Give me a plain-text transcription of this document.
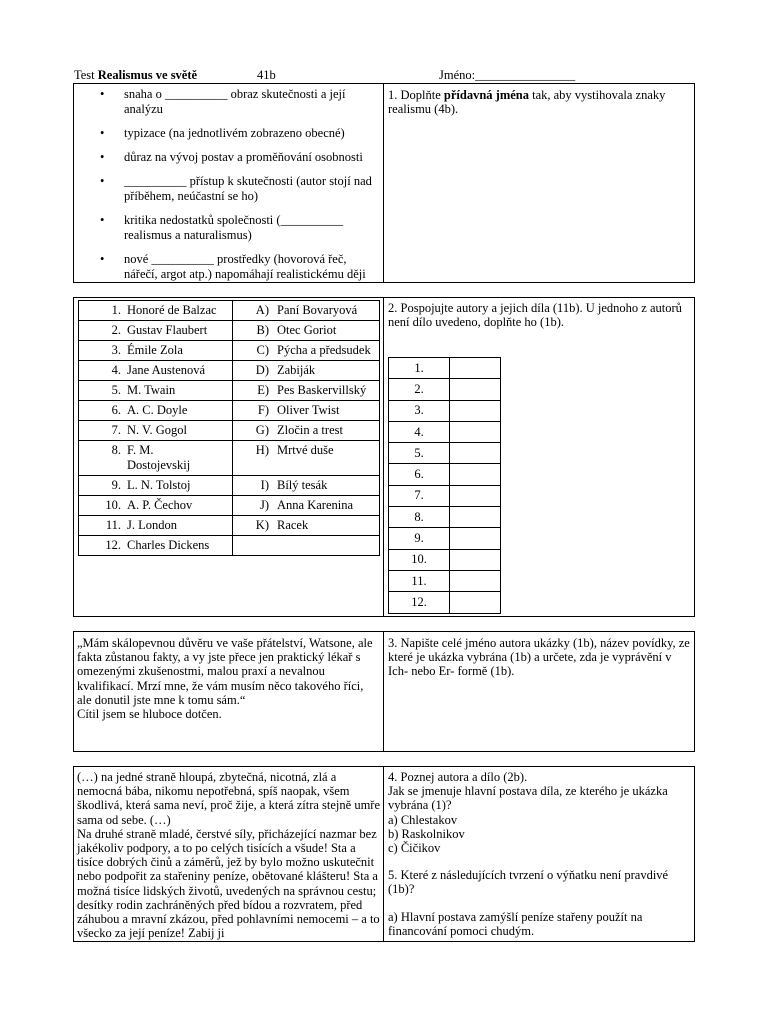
Test Realismus ve světě	41b	Jméno:________________
• snaha o __________ obraz skutečnosti a její analýzu
• typizace (na jednotlivém zobrazeno obecné)
• důraz na vývoj postav a proměňování osobnosti
• __________ přístup k skutečnosti (autor stojí nad příběhem, neúčastní se ho)
• kritika nedostatků společnosti (__________ realismus a naturalismus)
• nové __________ prostředky (hovorová řeč, nářečí, argot atp.) napomáhají realistickému ději
1. Doplňte přídavná jména tak, aby vystihovala znaky realismu (4b).
1. Honoré de Balzac	A) Paní Bovaryová
2. Gustav Flaubert	B) Otec Goriot
3. Émile Zola	C) Pýcha a předsudek
4. Jane Austenová	D) Zabiják
5. M. Twain	E) Pes Baskervillský
6. A. C. Doyle	F) Oliver Twist
7. N. V. Gogol	G) Zločin a trest
8. F. M. Dostojevskij	H) Mrtvé duše
9. L. N. Tolstoj	I) Bílý tesák
10. A. P. Čechov	J) Anna Karenina
11. J. London	K) Racek
12. Charles Dickens	
2. Pospojujte autory a jejich díla (11b). U jednoho z autorů není dílo uvedeno, doplňte ho (1b).
1.	
2.	
3.	
4.	
5.	
6.	
7.	
8.	
9.	
10.	
11.	
12.	
„Mám skálopevnou důvěru ve vaše přátelství, Watsone, ale fakta zůstanou fakty, a vy jste přece jen praktický lékař s omezenými zkušenostmi, malou praxí a nevalnou kvalifikací. Mrzí mne, že vám musím něco takového říci, ale donutil jste mne k tomu sám.“
Cítil jsem se hluboce dotčen.
3. Napište celé jméno autora ukázky (1b), název povídky, ze které je ukázka vybrána (1b) a určete, zda je vyprávění v Ich- nebo Er- formě (1b).
(…) na jedné straně hloupá, zbytečná, nicotná, zlá a nemocná bába, nikomu nepotřebná, spíš naopak, všem škodlivá, která sama neví, proč žije, a která zítra stejně umře sama od sebe. (…)
Na druhé straně mladé, čerstvé síly, přicházející nazmar bez jakékoliv podpory, a to po celých tisících a všude! Sta a tisíce dobrých činů a záměrů, jež by bylo možno uskutečnit nebo podpořit za stařeniny peníze, obětované klášteru! Sta a možná tisíce lidských životů, uvedených na správnou cestu; desítky rodin zachráněných před bídou a rozvratem, před záhubou a mravní zkázou, před pohlavními nemocemi – a to všecko za její peníze! Zabij ji
4. Poznej autora a dílo (2b).
Jak se jmenuje hlavní postava díla, ze kterého je ukázka vybrána (1)?
a) Chlestakov
b) Raskolnikov
c) Čičikov
5. Které z následujících tvrzení o výňatku není pravdivé (1b)?
a) Hlavní postava zamýšlí peníze stařeny použít na financování pomoci chudým.
